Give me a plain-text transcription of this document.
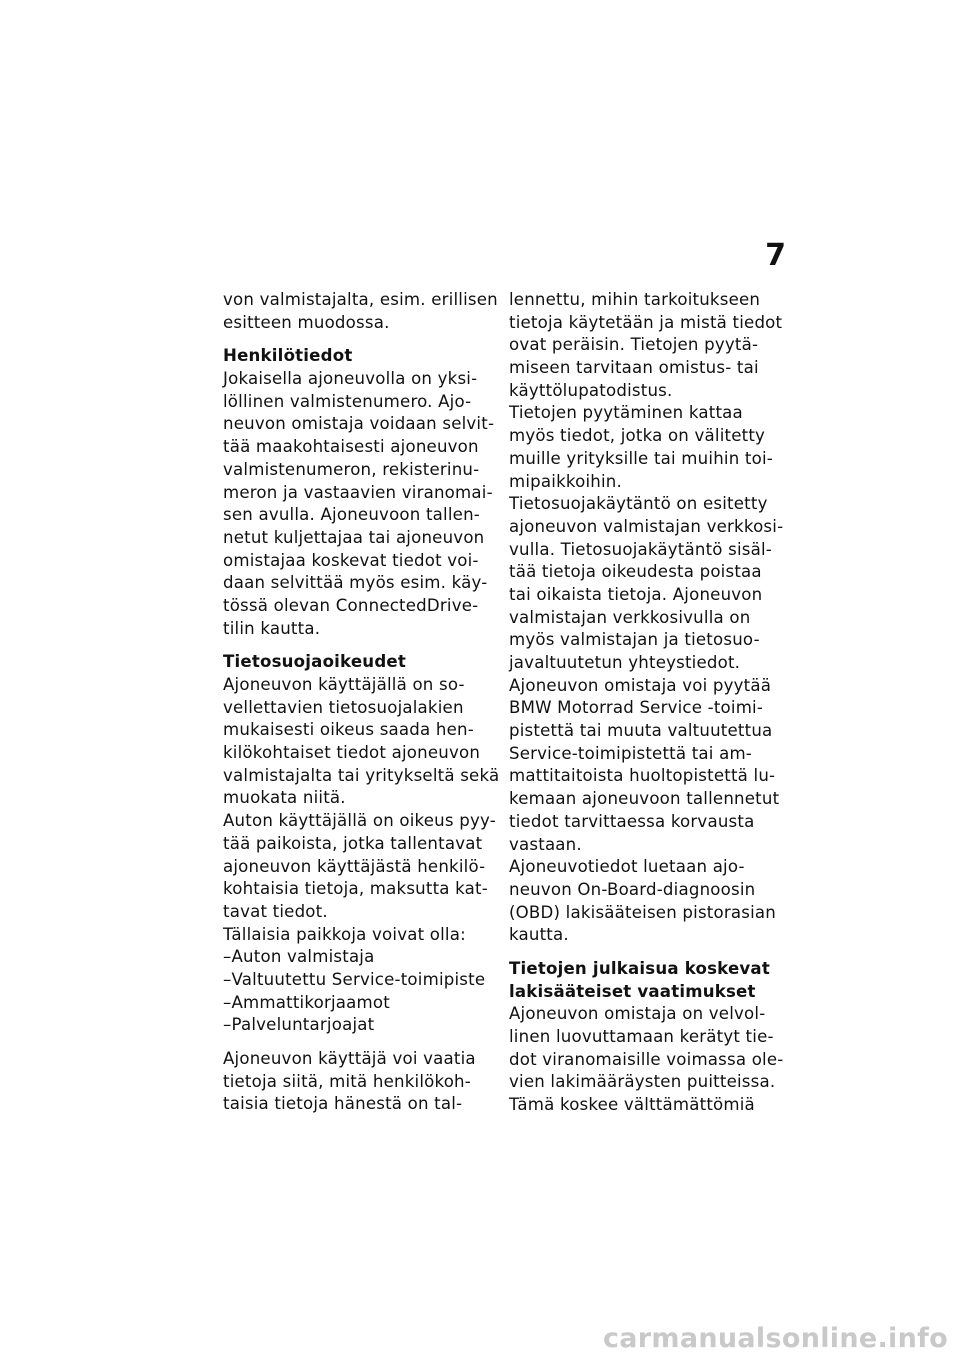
7
von valmistajalta, esim. erillisen
esitteen muodossa.
Henkilötiedot
Jokaisella ajoneuvolla on yksi-
löllinen valmistenumero. Ajo-
neuvon omistaja voidaan selvit-
tää maakohtaisesti ajoneuvon
valmistenumeron, rekisterinu-
meron ja vastaavien viranomai-
sen avulla. Ajoneuvoon tallen-
netut kuljettajaa tai ajoneuvon
omistajaa koskevat tiedot voi-
daan selvittää myös esim. käy-
tössä olevan ConnectedDrive-
tilin kautta.
Tietosuojaoikeudet
Ajoneuvon käyttäjällä on so-
vellettavien tietosuojalakien
mukaisesti oikeus saada hen-
kilökohtaiset tiedot ajoneuvon
valmistajalta tai yritykseltä sekä
muokata niitä.
Auton käyttäjällä on oikeus pyy-
tää paikoista, jotka tallentavat
ajoneuvon käyttäjästä henkilö-
kohtaisia tietoja, maksutta kat-
tavat tiedot.
Tällaisia paikkoja voivat olla:
–Auton valmistaja
–Valtuutettu Service-toimipiste
–Ammattikorjaamot
–Palveluntarjoajat
Ajoneuvon käyttäjä voi vaatia
tietoja siitä, mitä henkilökoh-
taisia tietoja hänestä on tal-
lennettu, mihin tarkoitukseen
tietoja käytetään ja mistä tiedot
ovat peräisin. Tietojen pyytä-
miseen tarvitaan omistus- tai
käyttölupatodistus.
Tietojen pyytäminen kattaa
myös tiedot, jotka on välitetty
muille yrityksille tai muihin toi-
mipaikkoihin.
Tietosuojakäytäntö on esitetty
ajoneuvon valmistajan verkkosi-
vulla. Tietosuojakäytäntö sisäl-
tää tietoja oikeudesta poistaa
tai oikaista tietoja. Ajoneuvon
valmistajan verkkosivulla on
myös valmistajan ja tietosuo-
javaltuutetun yhteystiedot.
Ajoneuvon omistaja voi pyytää
BMW Motorrad Service -toimi-
pistettä tai muuta valtuutettua
Service-toimipistettä tai am-
mattitaitoista huoltopistettä lu-
kemaan ajoneuvoon tallennetut
tiedot tarvittaessa korvausta
vastaan.
Ajoneuvotiedot luetaan ajo-
neuvon On-Board-diagnoosin
(OBD) lakisääteisen pistorasian
kautta.
Tietojen julkaisua koskevat
lakisääteiset vaatimukset
Ajoneuvon omistaja on velvol-
linen luovuttamaan kerätyt tie-
dot viranomaisille voimassa ole-
vien lakimääräysten puitteissa.
Tämä koskee välttämättömiä
carmanualsonline.info
